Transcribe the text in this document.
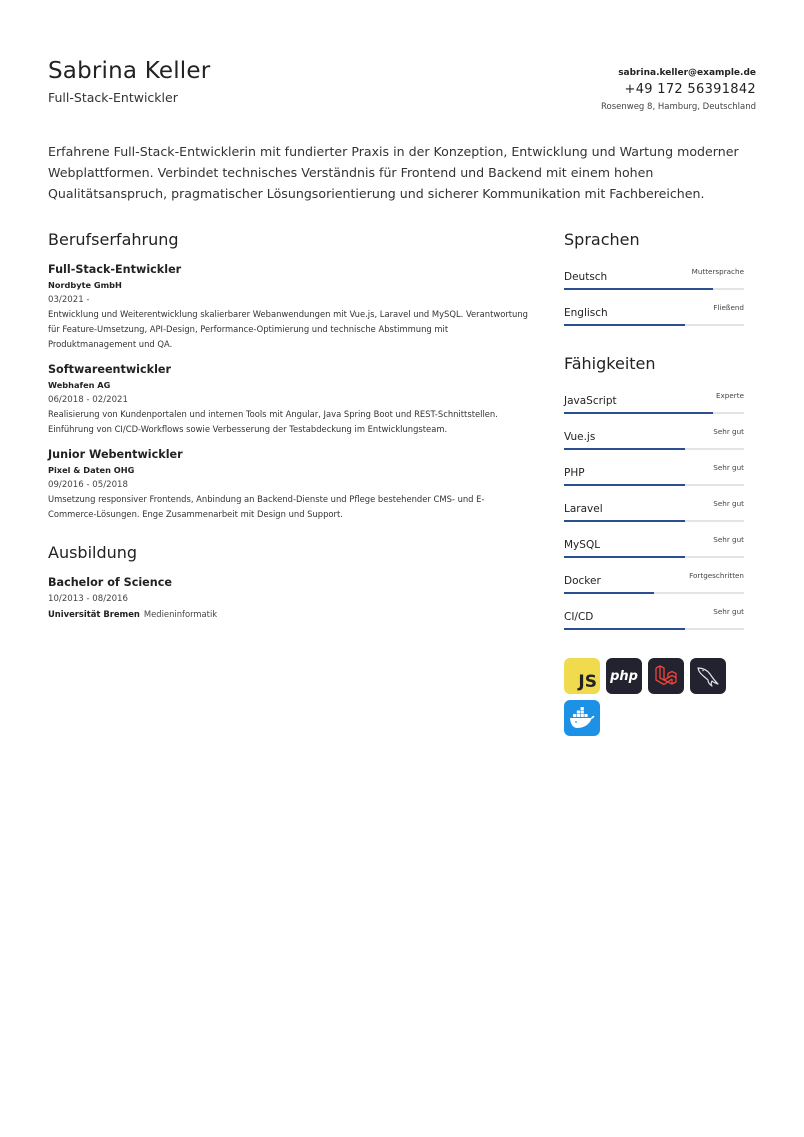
Sabrina Keller
Full-Stack-Entwickler
sabrina.keller@example.de
+49 172 56391842
Rosenweg 8, Hamburg, Deutschland
Erfahrene Full-Stack-Entwicklerin mit fundierter Praxis in der Konzeption, Entwicklung und Wartung moderner Webplattformen. Verbindet technisches Verständnis für Frontend und Backend mit einem hohen Qualitätsanspruch, pragmatischer Lösungsorientierung und sicherer Kommunikation mit Fachbereichen.
Berufserfahrung
Full-Stack-Entwickler
Nordbyte GmbH
03/2021 -
Entwicklung und Weiterentwicklung skalierbarer Webanwendungen mit Vue.js, Laravel und MySQL. Verantwortung für Feature-Umsetzung, API-Design, Performance-Optimierung und technische Abstimmung mit Produktmanagement und QA.
Softwareentwickler
Webhafen AG
06/2018 - 02/2021
Realisierung von Kundenportalen und internen Tools mit Angular, Java Spring Boot und REST-Schnittstellen. Einführung von CI/CD-Workflows sowie Verbesserung der Testabdeckung im Entwicklungsteam.
Junior Webentwickler
Pixel & Daten OHG
09/2016 - 05/2018
Umsetzung responsiver Frontends, Anbindung an Backend-Dienste und Pflege bestehender CMS- und E-Commerce-Lösungen. Enge Zusammenarbeit mit Design und Support.
Ausbildung
Bachelor of Science
10/2013 - 08/2016
Universität Bremen Medieninformatik
Sprachen
Deutsch	Muttersprache
Englisch	Fließend
Fähigkeiten
JavaScript	Experte
Vue.js	Sehr gut
PHP	Sehr gut
Laravel	Sehr gut
MySQL	Sehr gut
Docker	Fortgeschritten
CI/CD	Sehr gut
JS php
